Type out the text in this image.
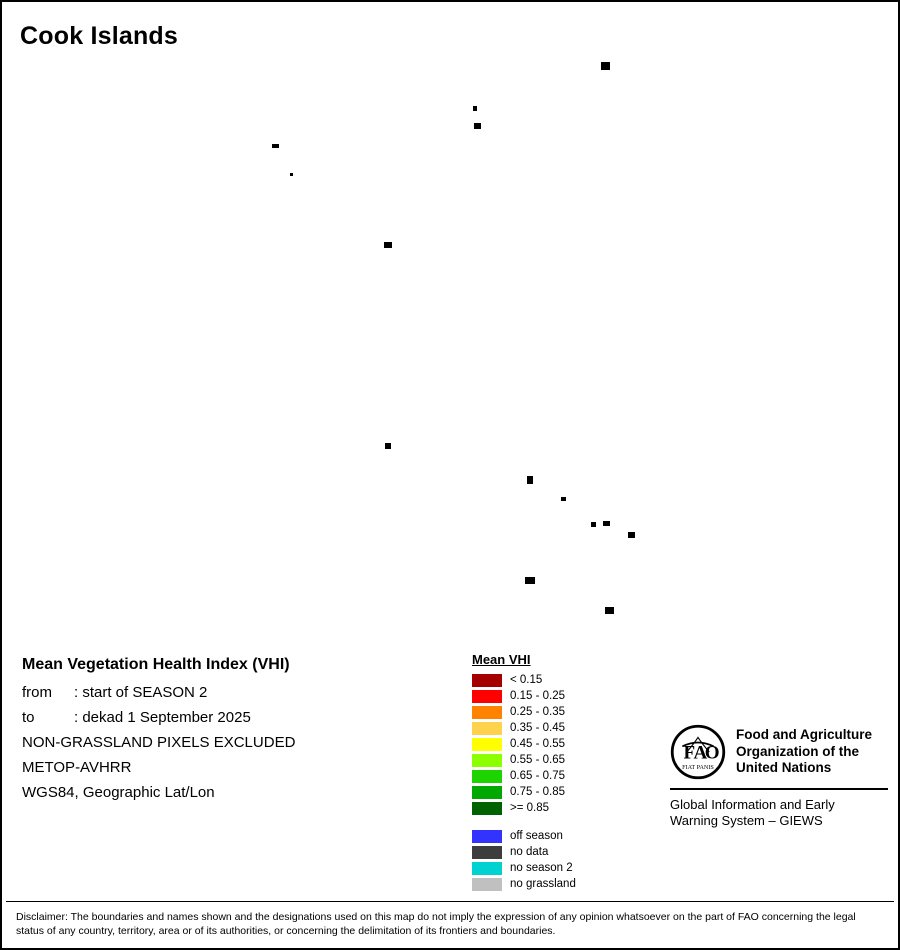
Cook Islands
Mean Vegetation Health Index (VHI)
from : start of SEASON 2
to	: dekad 1 September 2025
NON-GRASSLAND PIXELS EXCLUDED
METOP-AVHRR
WGS84, Geographic Lat/Lon
Mean VHI
< 0.15
0.15 - 0.25
0.25 - 0.35
0.35 - 0.45
0.45 - 0.55
0.55 - 0.65
0.65 - 0.75
0.75 - 0.85
>= 0.85
off season
no data
no season 2
no grassland
F
A
O
FIAT PANIS
Food and Agriculture
Organization of the
United Nations
Global Information and Early
Warning System – GIEWS
Disclaimer: The boundaries and names shown and the designations used on this map do not imply the expression of any opinion whatsoever on the part of FAO concerning the legal status of any country, territory, area or of its authorities, or concerning the delimitation of its frontiers and boundaries.
